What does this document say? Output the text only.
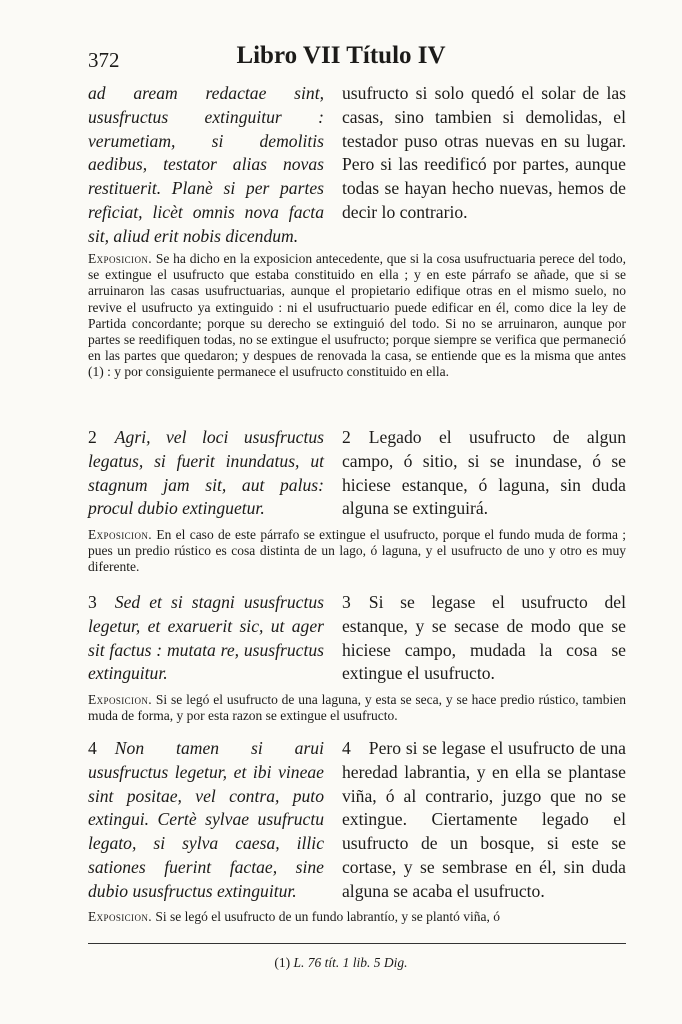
372	Libro VII Título IV

ad aream redactae sint, ususfructus extinguitur : verumetiam, si demolitis aedibus, testator alias novas restituerit. Planè si per partes reficiat, licèt omnis nova facta sit, aliud erit nobis dicendum.

usufructo si solo quedó el solar de las casas, sino tambien si demolidas, el testador puso otras nuevas en su lugar. Pero si las reedificó por partes, aunque todas se hayan hecho nuevas, hemos de decir lo contrario.

Exposicion. Se ha dicho en la exposicion antecedente, que si la cosa usufructuaria perece del todo, se extingue el usufructo que estaba constituido en ella ; y en este párrafo se añade, que si se arruinaron las casas usufructuarias, aunque el propietario edifique otras en el mismo suelo, no revive el usufructo ya extinguido : ni el usufructuario puede edificar en él, como dice la ley de Partida concordante; porque su derecho se extinguió del todo. Si no se arruinaron, aunque por partes se reedifiquen todas, no se extingue el usufructo; porque siempre se verifica que permaneció en las partes que quedaron; y despues de renovada la casa, se entiende que es la misma que antes (1) : y por consiguiente permanece el usufructo constituido en ella.

2 Agri, vel loci ususfructus legatus, si fuerit inundatus, ut stagnum jam sit, aut palus: procul dubio extinguetur.

2 Legado el usufructo de algun campo, ó sitio, si se inundase, ó se hiciese estanque, ó laguna, sin duda alguna se extinguirá.

Exposicion. En el caso de este párrafo se extingue el usufructo, porque el fundo muda de forma ; pues un predio rústico es cosa distinta de un lago, ó laguna, y el usufructo de uno y otro es muy diferente.

3 Sed et si stagni ususfructus legetur, et exaruerit sic, ut ager sit factus : mutata re, ususfructus extinguitur.

3 Si se legase el usufructo del estanque, y se secase de modo que se hiciese campo, mudada la cosa se extingue el usufructo.

Exposicion. Si se legó el usufructo de una laguna, y esta se seca, y se hace predio rústico, tambien muda de forma, y por esta razon se extingue el usufructo.

4 Non tamen si arui ususfructus legetur, et ibi vineae sint positae, vel contra, puto extingui. Certè sylvae usufructu legato, si sylva caesa, illic sationes fuerint factae, sine dubio ususfructus extinguitur.

4 Pero si se legase el usufructo de una heredad labrantia, y en ella se plantase viña, ó al contrario, juzgo que no se extingue. Ciertamente legado el usufructo de un bosque, si este se cortase, y se sembrase en él, sin duda alguna se acaba el usufructo.

Exposicion. Si se legó el usufructo de un fundo labrantío, y se plantó viña, ó

(1) L. 76 tít. 1 lib. 5 Dig.
